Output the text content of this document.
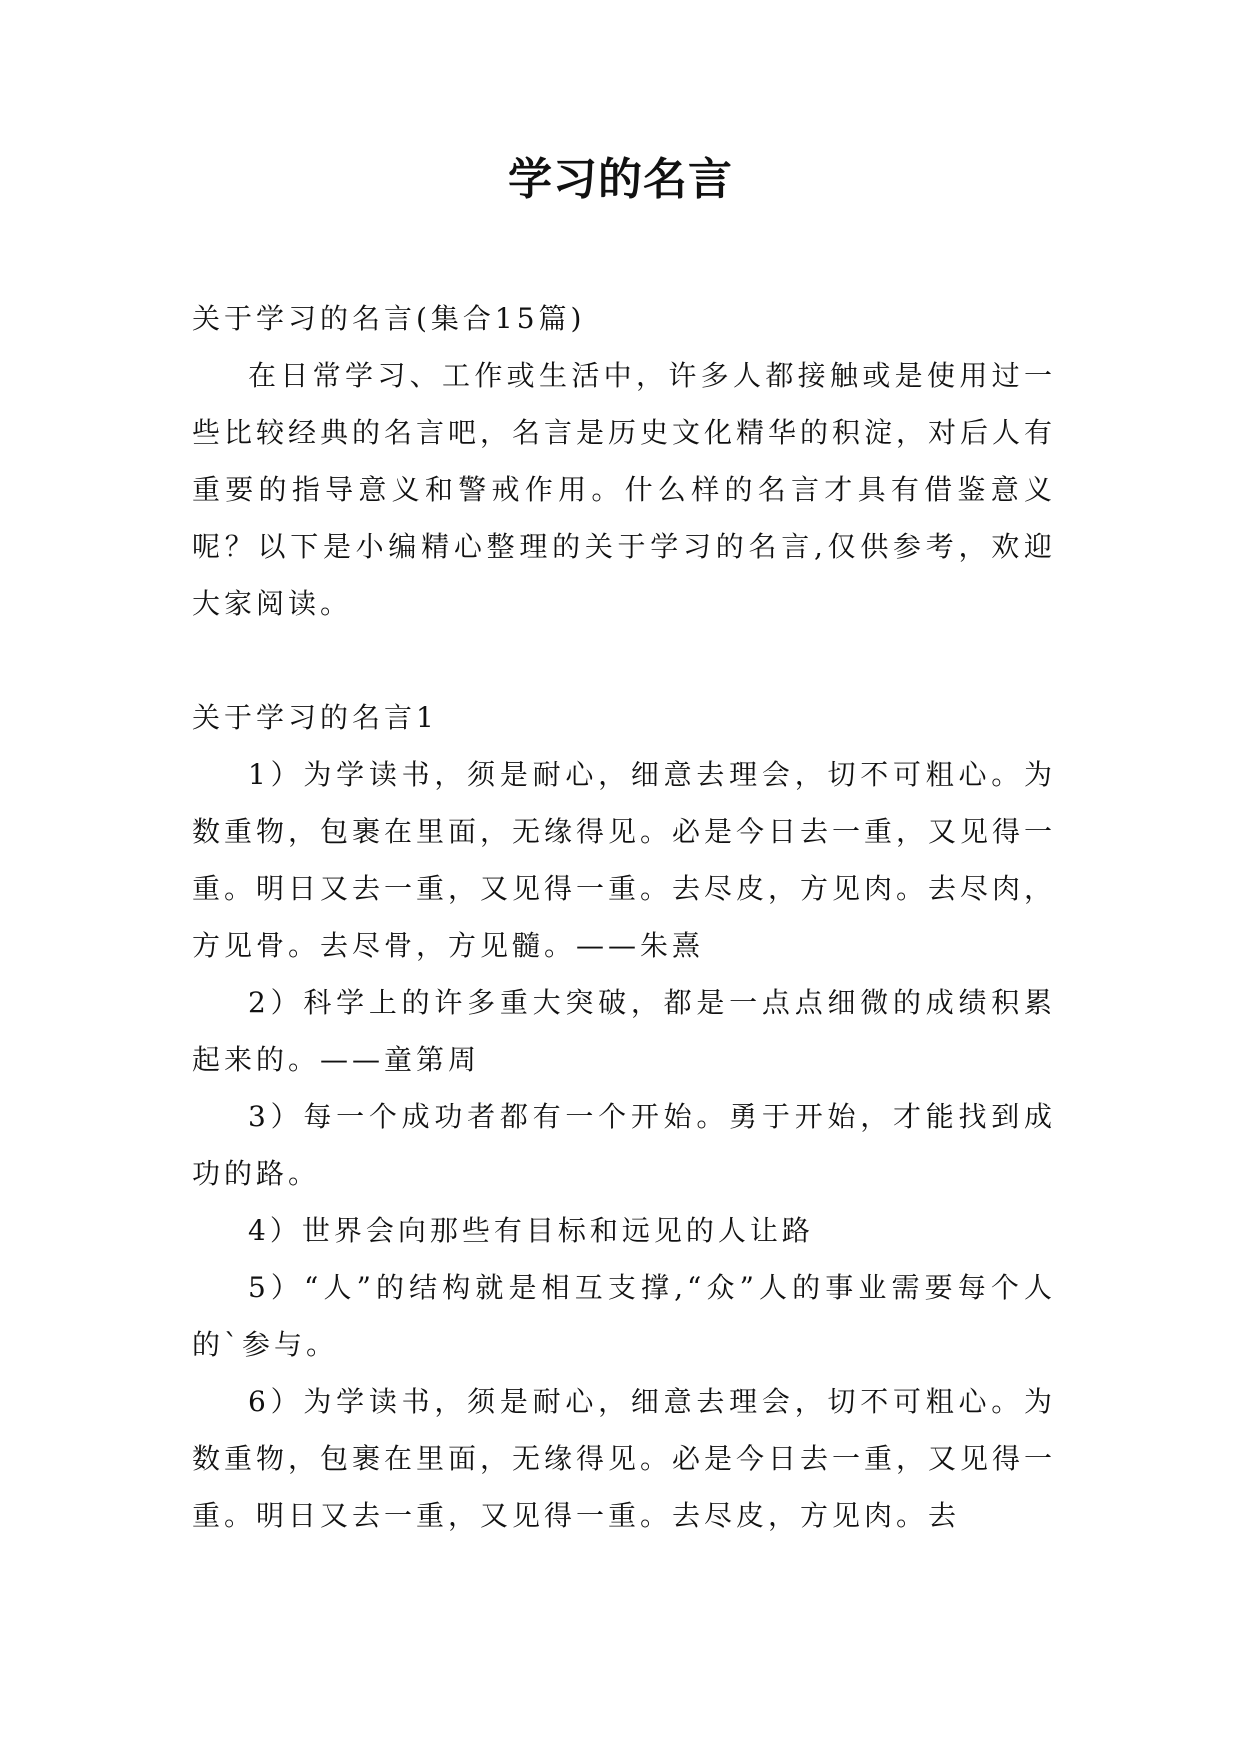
学习的名言

关于学习的名言(集合15篇)

在日常学习、工作或生活中，许多人都接触或是使用过一些比较经典的名言吧，名言是历史文化精华的积淀，对后人有重要的指导意义和警戒作用。什么样的名言才具有借鉴意义呢？以下是小编精心整理的关于学习的名言,仅供参考，欢迎大家阅读。

关于学习的名言1

1）为学读书，须是耐心，细意去理会，切不可粗心。为数重物，包裹在里面，无缘得见。必是今日去一重，又见得一重。明日又去一重，又见得一重。去尽皮，方见肉。去尽肉，方见骨。去尽骨，方见髓。——朱熹

2）科学上的许多重大突破，都是一点点细微的成绩积累起来的。——童第周

3）每一个成功者都有一个开始。勇于开始，才能找到成功的路。

4）世界会向那些有目标和远见的人让路

5）“人”的结构就是相互支撑,“众”人的事业需要每个人的`参与。

6）为学读书，须是耐心，细意去理会，切不可粗心。为数重物，包裹在里面，无缘得见。必是今日去一重，又见得一重。明日又去一重，又见得一重。去尽皮，方见肉。去
